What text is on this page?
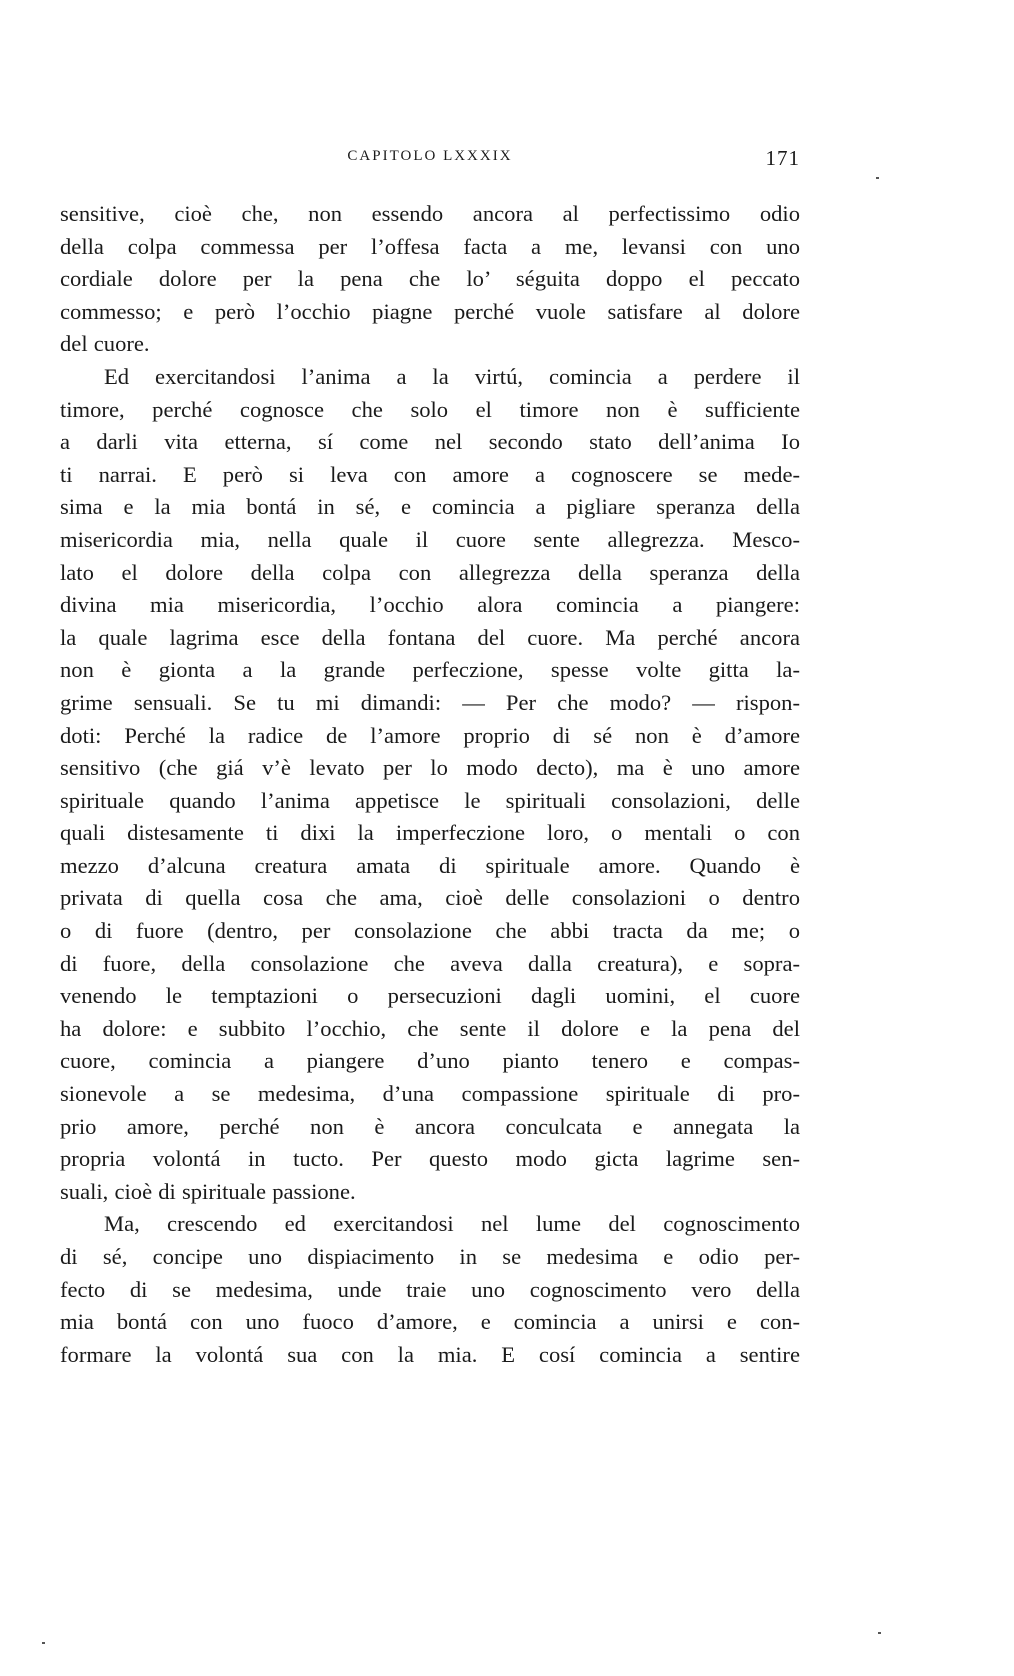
CAPITOLO LXXXIX	171
sensitive, cioè che, non essendo ancora al perfectissimo odio
della colpa commessa per l’offesa facta a me, levansi con uno
cordiale dolore per la pena che lo’ séguita doppo el peccato
commesso; e però l’occhio piagne perché vuole satisfare al dolore
del cuore.
Ed exercitandosi l’anima a la virtú, comincia a perdere il
timore, perché cognosce che solo el timore non è sufficiente
a darli vita etterna, sí come nel secondo stato dell’anima Io
ti narrai. E però si leva con amore a cognoscere se mede-
sima e la mia bontá in sé, e comincia a pigliare speranza della
misericordia mia, nella quale il cuore sente allegrezza. Mesco-
lato el dolore della colpa con allegrezza della speranza della
divina mia misericordia, l’occhio alora comincia a piangere:
la quale lagrima esce della fontana del cuore. Ma perché ancora
non è gionta a la grande perfeczione, spesse volte gitta la-
grime sensuali. Se tu mi dimandi: — Per che modo? — rispon-
doti: Perché la radice de l’amore proprio di sé non è d’amore
sensitivo (che giá v’è levato per lo modo decto), ma è uno amore
spirituale quando l’anima appetisce le spirituali consolazioni, delle
quali distesamente ti dixi la imperfeczione loro, o mentali o con
mezzo d’alcuna creatura amata di spirituale amore. Quando è
privata di quella cosa che ama, cioè delle consolazioni o dentro
o di fuore (dentro, per consolazione che abbi tracta da me; o
di fuore, della consolazione che aveva dalla creatura), e sopra-
venendo le temptazioni o persecuzioni dagli uomini, el cuore
ha dolore: e subbito l’occhio, che sente il dolore e la pena del
cuore, comincia a piangere d’uno pianto tenero e compas-
sionevole a se medesima, d’una compassione spirituale di pro-
prio amore, perché non è ancora conculcata e annegata la
propria volontá in tucto. Per questo modo gicta lagrime sen-
suali, cioè di spirituale passione.
Ma, crescendo ed exercitandosi nel lume del cognoscimento
di sé, concipe uno dispiacimento in se medesima e odio per-
fecto di se medesima, unde traie uno cognoscimento vero della
mia bontá con uno fuoco d’amore, e comincia a unirsi e con-
formare la volontá sua con la mia. E cosí comincia a sentire
